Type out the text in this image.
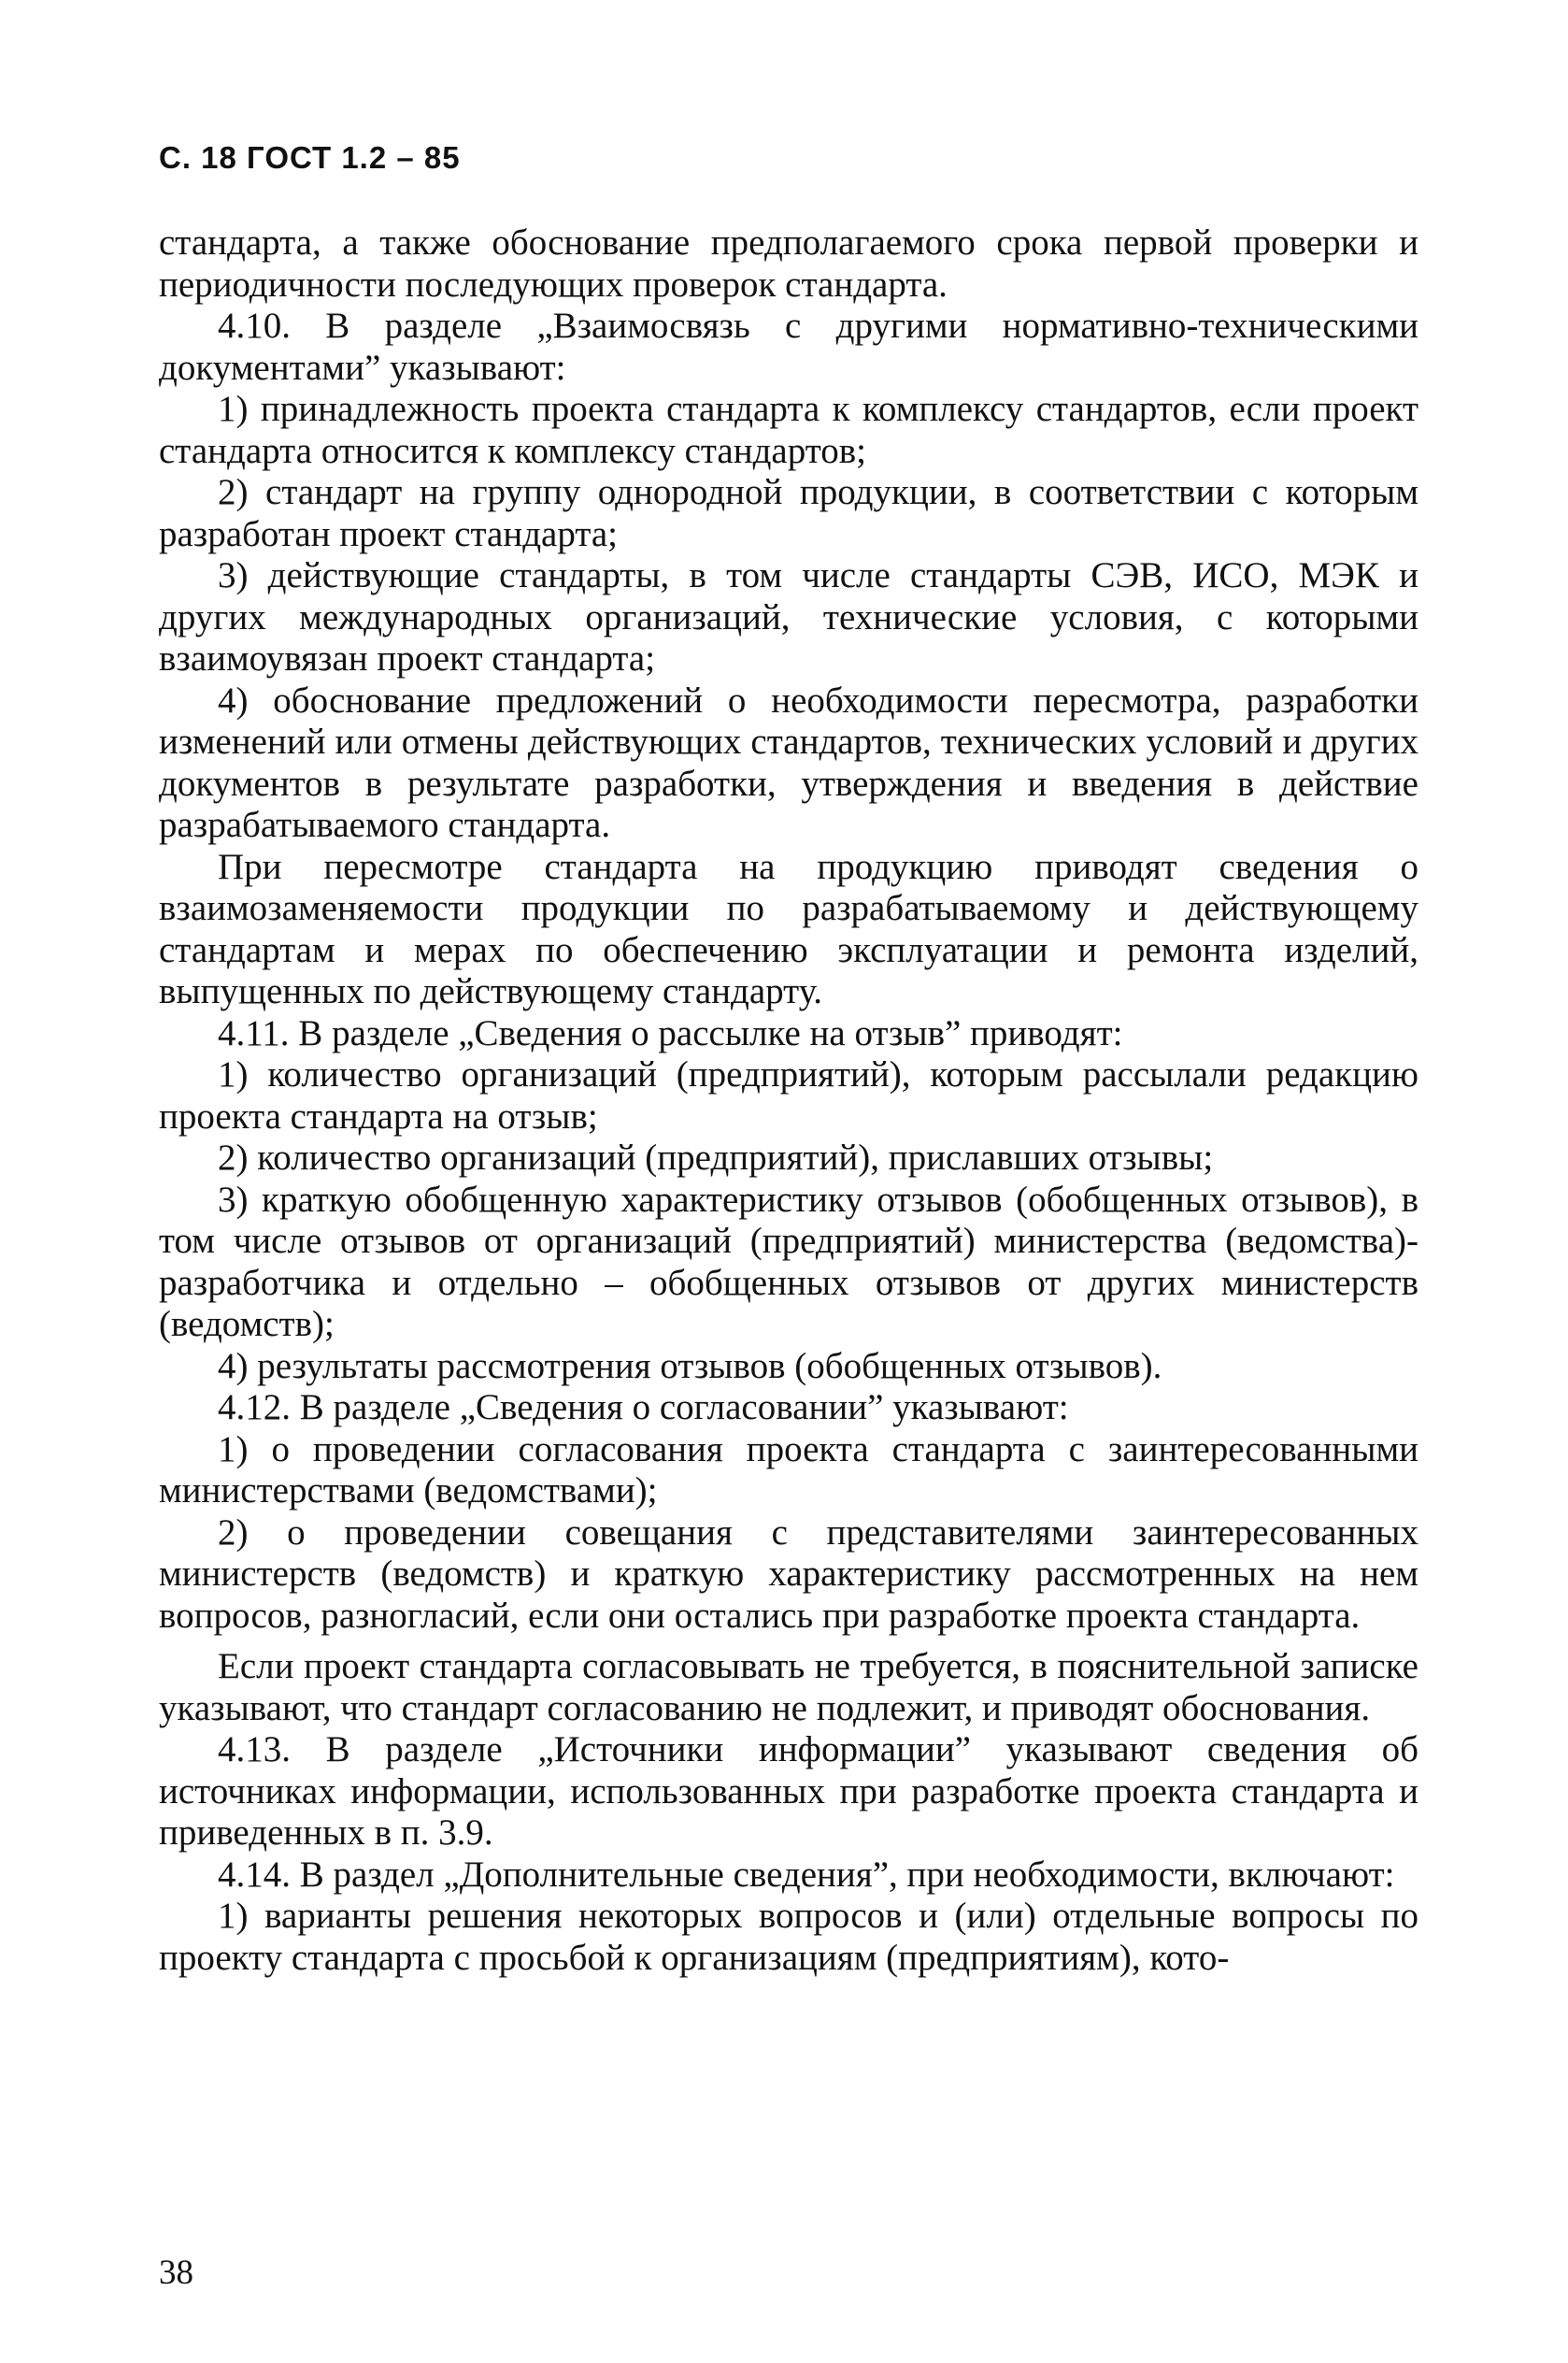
С. 18 ГОСТ 1.2 – 85

стандарта, а также обоснование предполагаемого срока первой проверки и периодичности последующих проверок стандарта.

4.10. В разделе „Взаимосвязь с другими нормативно-техническими документами” указывают:

1) принадлежность проекта стандарта к комплексу стандартов, если проект стандарта относится к комплексу стандартов;

2) стандарт на группу однородной продукции, в соответствии с которым разработан проект стандарта;

3) действующие стандарты, в том числе стандарты СЭВ, ИСО, МЭК и других международных организаций, технические условия, с которыми взаимоувязан проект стандарта;

4) обоснование предложений о необходимости пересмотра, разработки изменений или отмены действующих стандартов, технических условий и других документов в результате разработки, утверждения и введения в действие разрабатываемого стандарта.

При пересмотре стандарта на продукцию приводят сведения о взаимозаменяемости продукции по разрабатываемому и действующему стандартам и мерах по обеспечению эксплуатации и ремонта изделий, выпущенных по действующему стандарту.

4.11. В разделе „Сведения о рассылке на отзыв” приводят:

1) количество организаций (предприятий), которым рассылали редакцию проекта стандарта на отзыв;

2) количество организаций (предприятий), приславших отзывы;

3) краткую обобщенную характеристику отзывов (обобщенных отзывов), в том числе отзывов от организаций (предприятий) министерства (ведомства)-разработчика и отдельно – обобщенных отзывов от других министерств (ведомств);

4) результаты рассмотрения отзывов (обобщенных отзывов).

4.12. В разделе „Сведения о согласовании” указывают:

1) о проведении согласования проекта стандарта с заинтересованными министерствами (ведомствами);

2) о проведении совещания с представителями заинтересованных министерств (ведомств) и краткую характеристику рассмотренных на нем вопросов, разногласий, если они остались при разработке проекта стандарта.

Если проект стандарта согласовывать не требуется, в пояснительной записке указывают, что стандарт согласованию не подлежит, и приводят обоснования.

4.13. В разделе „Источники информации” указывают сведения об источниках информации, использованных при разработке проекта стандарта и приведенных в п. 3.9.

4.14. В раздел „Дополнительные сведения”, при необходимости, включают:

1) варианты решения некоторых вопросов и (или) отдельные вопросы по проекту стандарта с просьбой к организациям (предприятиям), кото-

38
